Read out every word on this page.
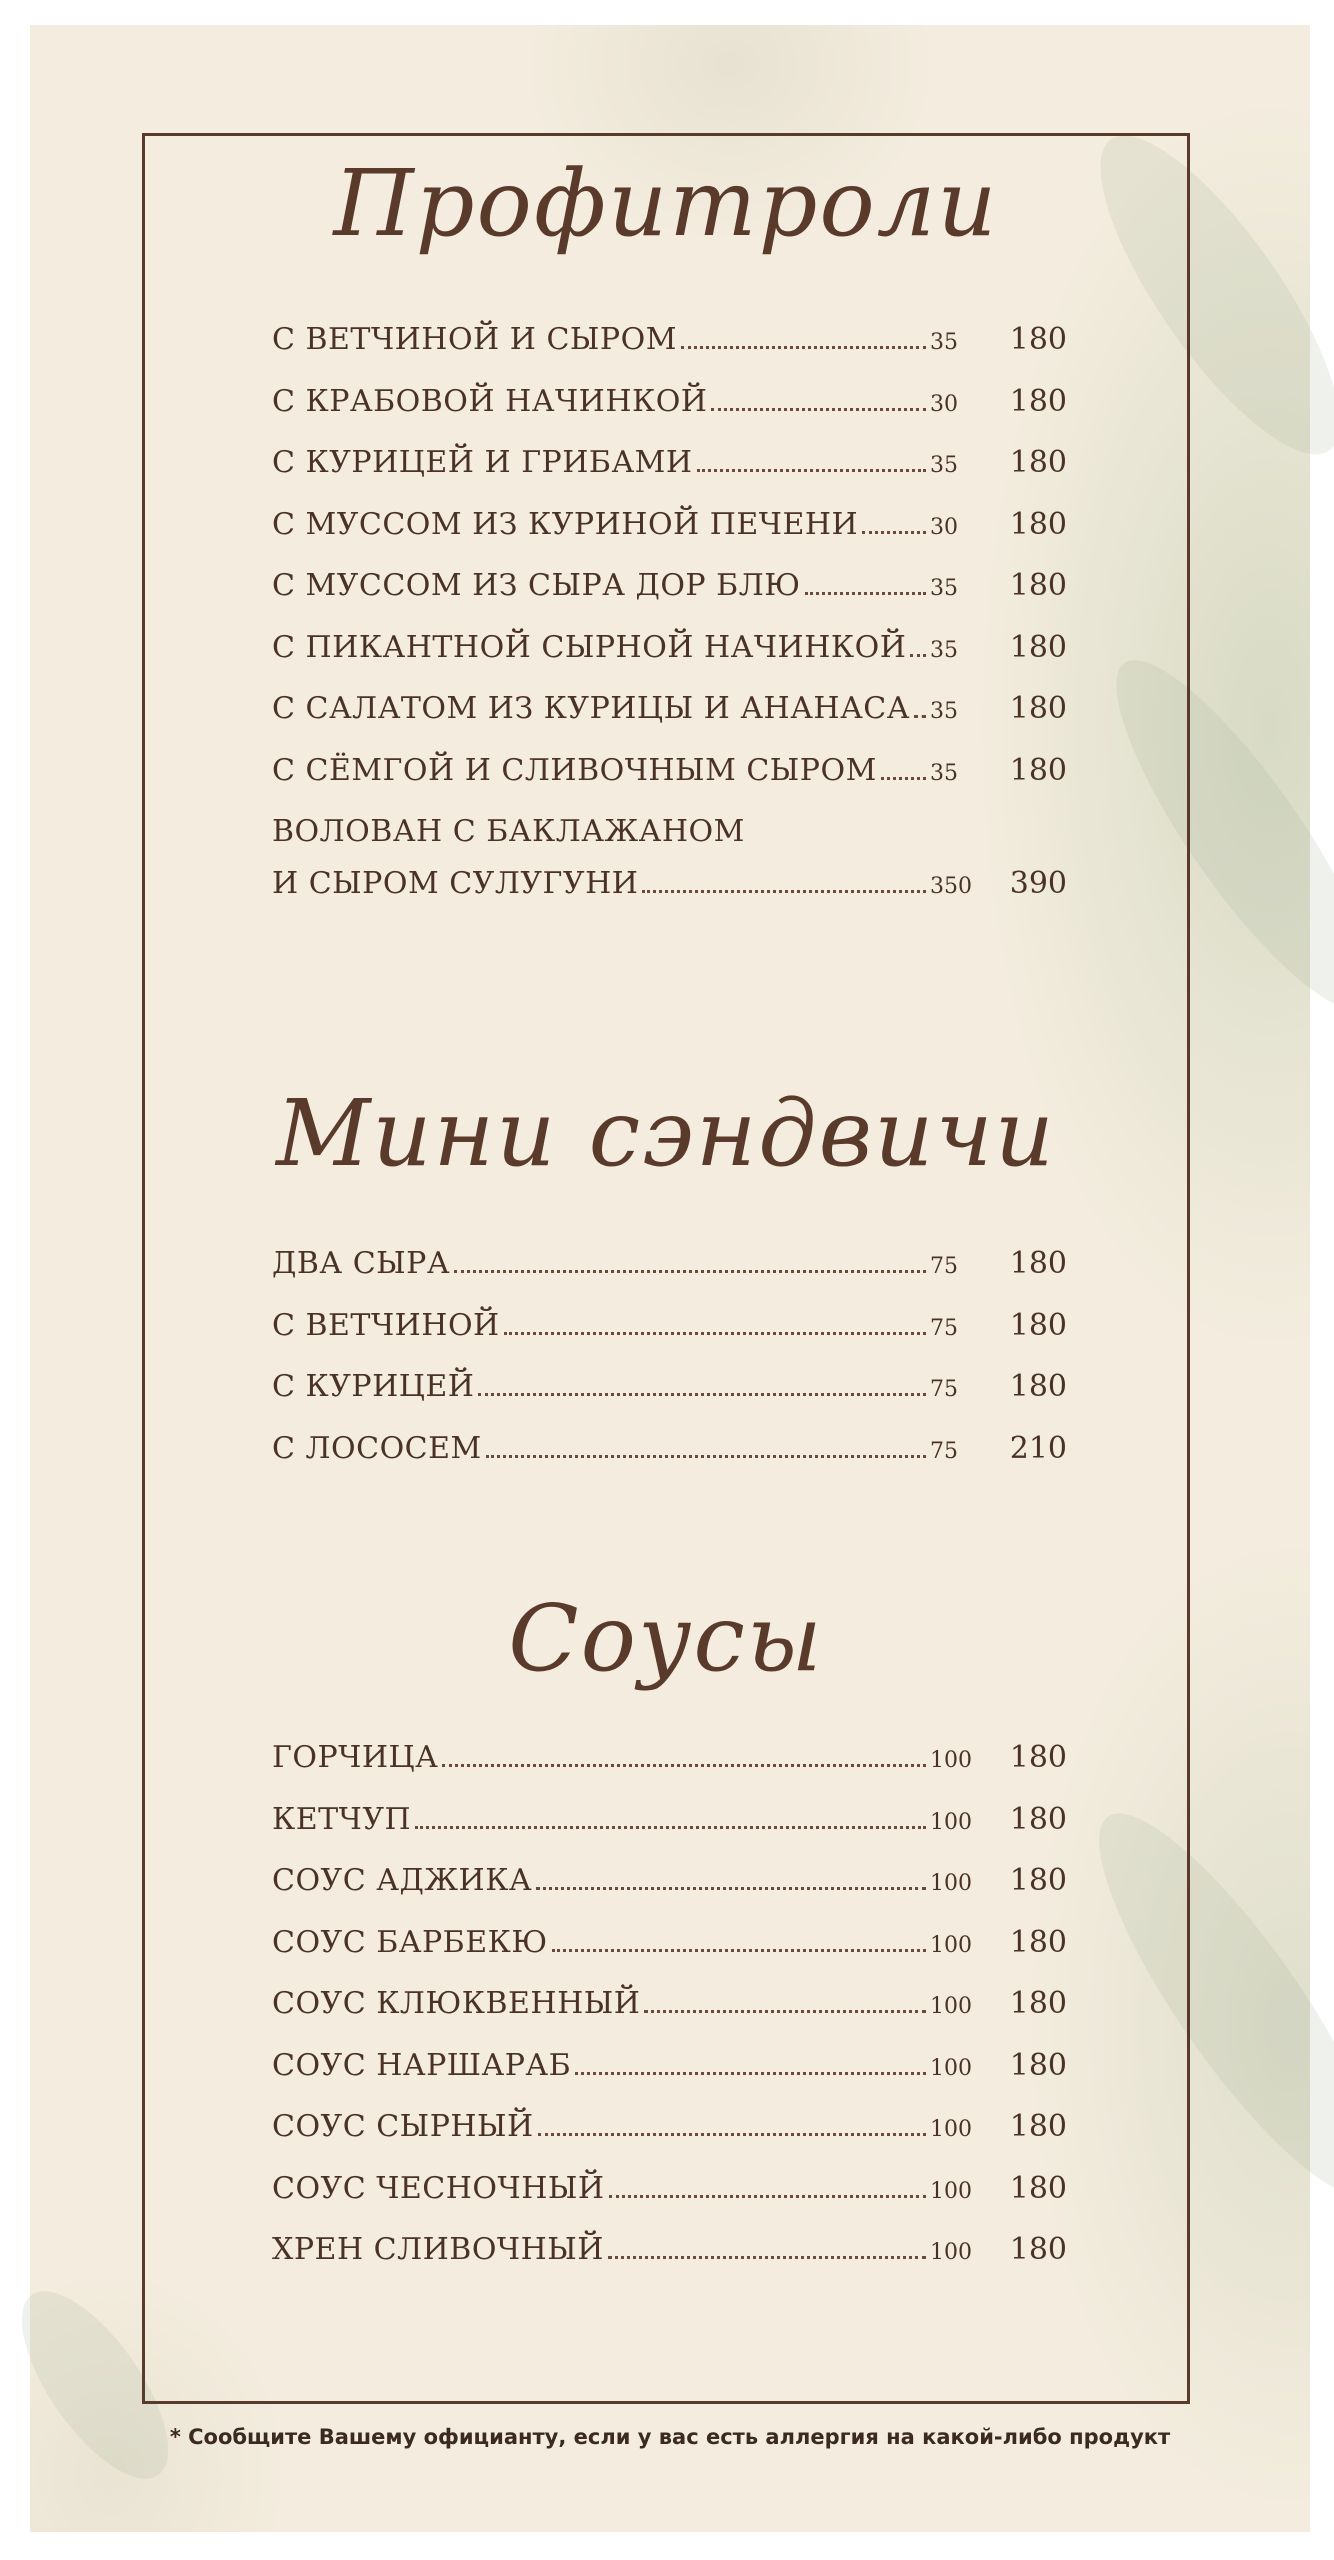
Профитроли
С ВЕТЧИНОЙ И СЫРОМ	35	180
С КРАБОВОЙ НАЧИНКОЙ	30	180
С КУРИЦЕЙ И ГРИБАМИ	35	180
С МУССОМ ИЗ КУРИНОЙ ПЕЧЕНИ	30	180
С МУССОМ ИЗ СЫРА ДОР БЛЮ	35	180
С ПИКАНТНОЙ СЫРНОЙ НАЧИНКОЙ 35	180
С САЛАТОМ ИЗ КУРИЦЫ И АНАНАСА 35	180
С СЁМГОЙ И СЛИВОЧНЫМ СЫРОМ 35	180
ВОЛОВАН С БАКЛАЖАНОМ
И СЫРОМ СУЛУГУНИ	350	390
Мини сэндвичи
ДВА СЫРА	75	180
С ВЕТЧИНОЙ	75	180
С КУРИЦЕЙ	75	180
С ЛОСОСЕМ	75	210
Соусы
ГОРЧИЦА	100	180
КЕТЧУП	100	180
СОУС АДЖИКА	100	180
СОУС БАРБЕКЮ	100	180
СОУС КЛЮКВЕННЫЙ	100	180
СОУС НАРШАРАБ	100	180
СОУС СЫРНЫЙ	100	180
СОУС ЧЕСНОЧНЫЙ	100	180
ХРЕН СЛИВОЧНЫЙ	100	180
* Сообщите Вашему официанту, если у вас есть аллергия на какой-либо продукт
